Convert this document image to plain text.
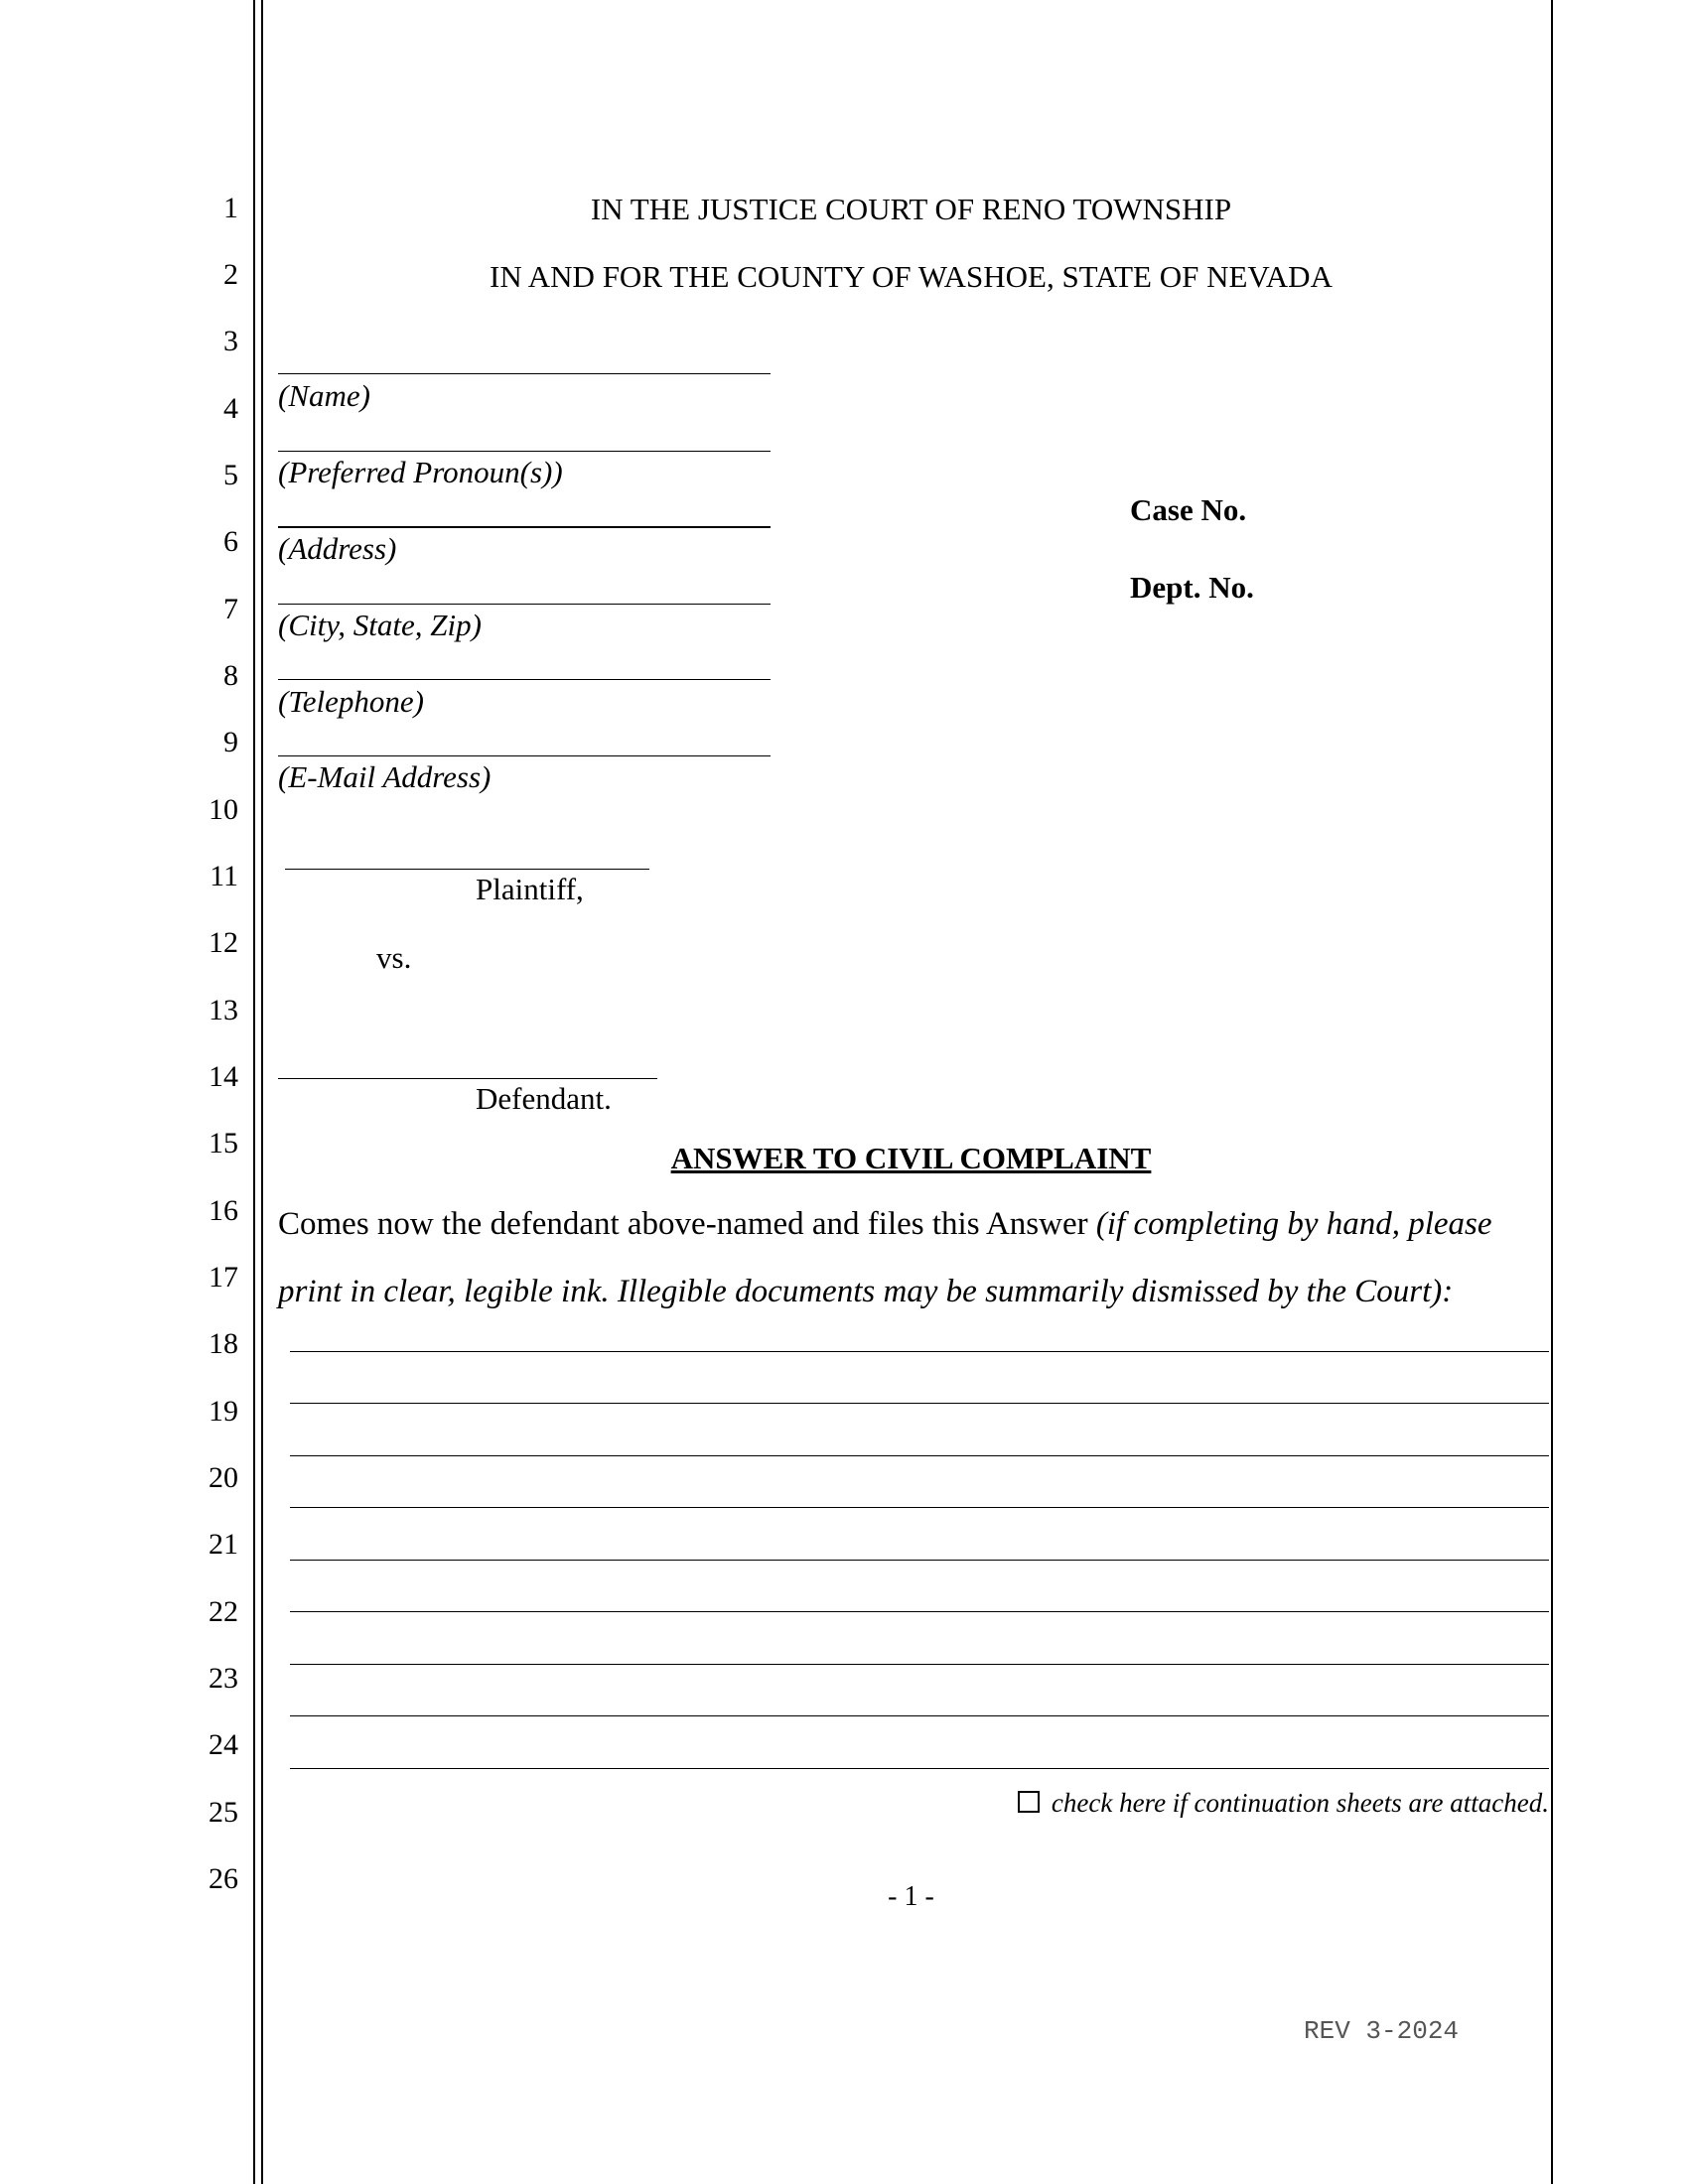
1
2
3
4
5
6
7
8
9
10
11
12
13
14
15
16
17
18
19
20
21
22
23
24
25
26
IN THE JUSTICE COURT OF RENO TOWNSHIP
IN AND FOR THE COUNTY OF WASHOE, STATE OF NEVADA
(Name)
(Preferred Pronoun(s))
(Address)
(City, State, Zip)
(Telephone)
(E-Mail Address)
Case No.
Dept. No.
Plaintiff,
vs.
Defendant.
ANSWER TO CIVIL COMPLAINT
Comes now the defendant above-named and files this Answer (if completing by hand, please
print in clear, legible ink. Illegible documents may be summarily dismissed by the Court):
check here if continuation sheets are attached.
- 1 -
REV 3-2024
